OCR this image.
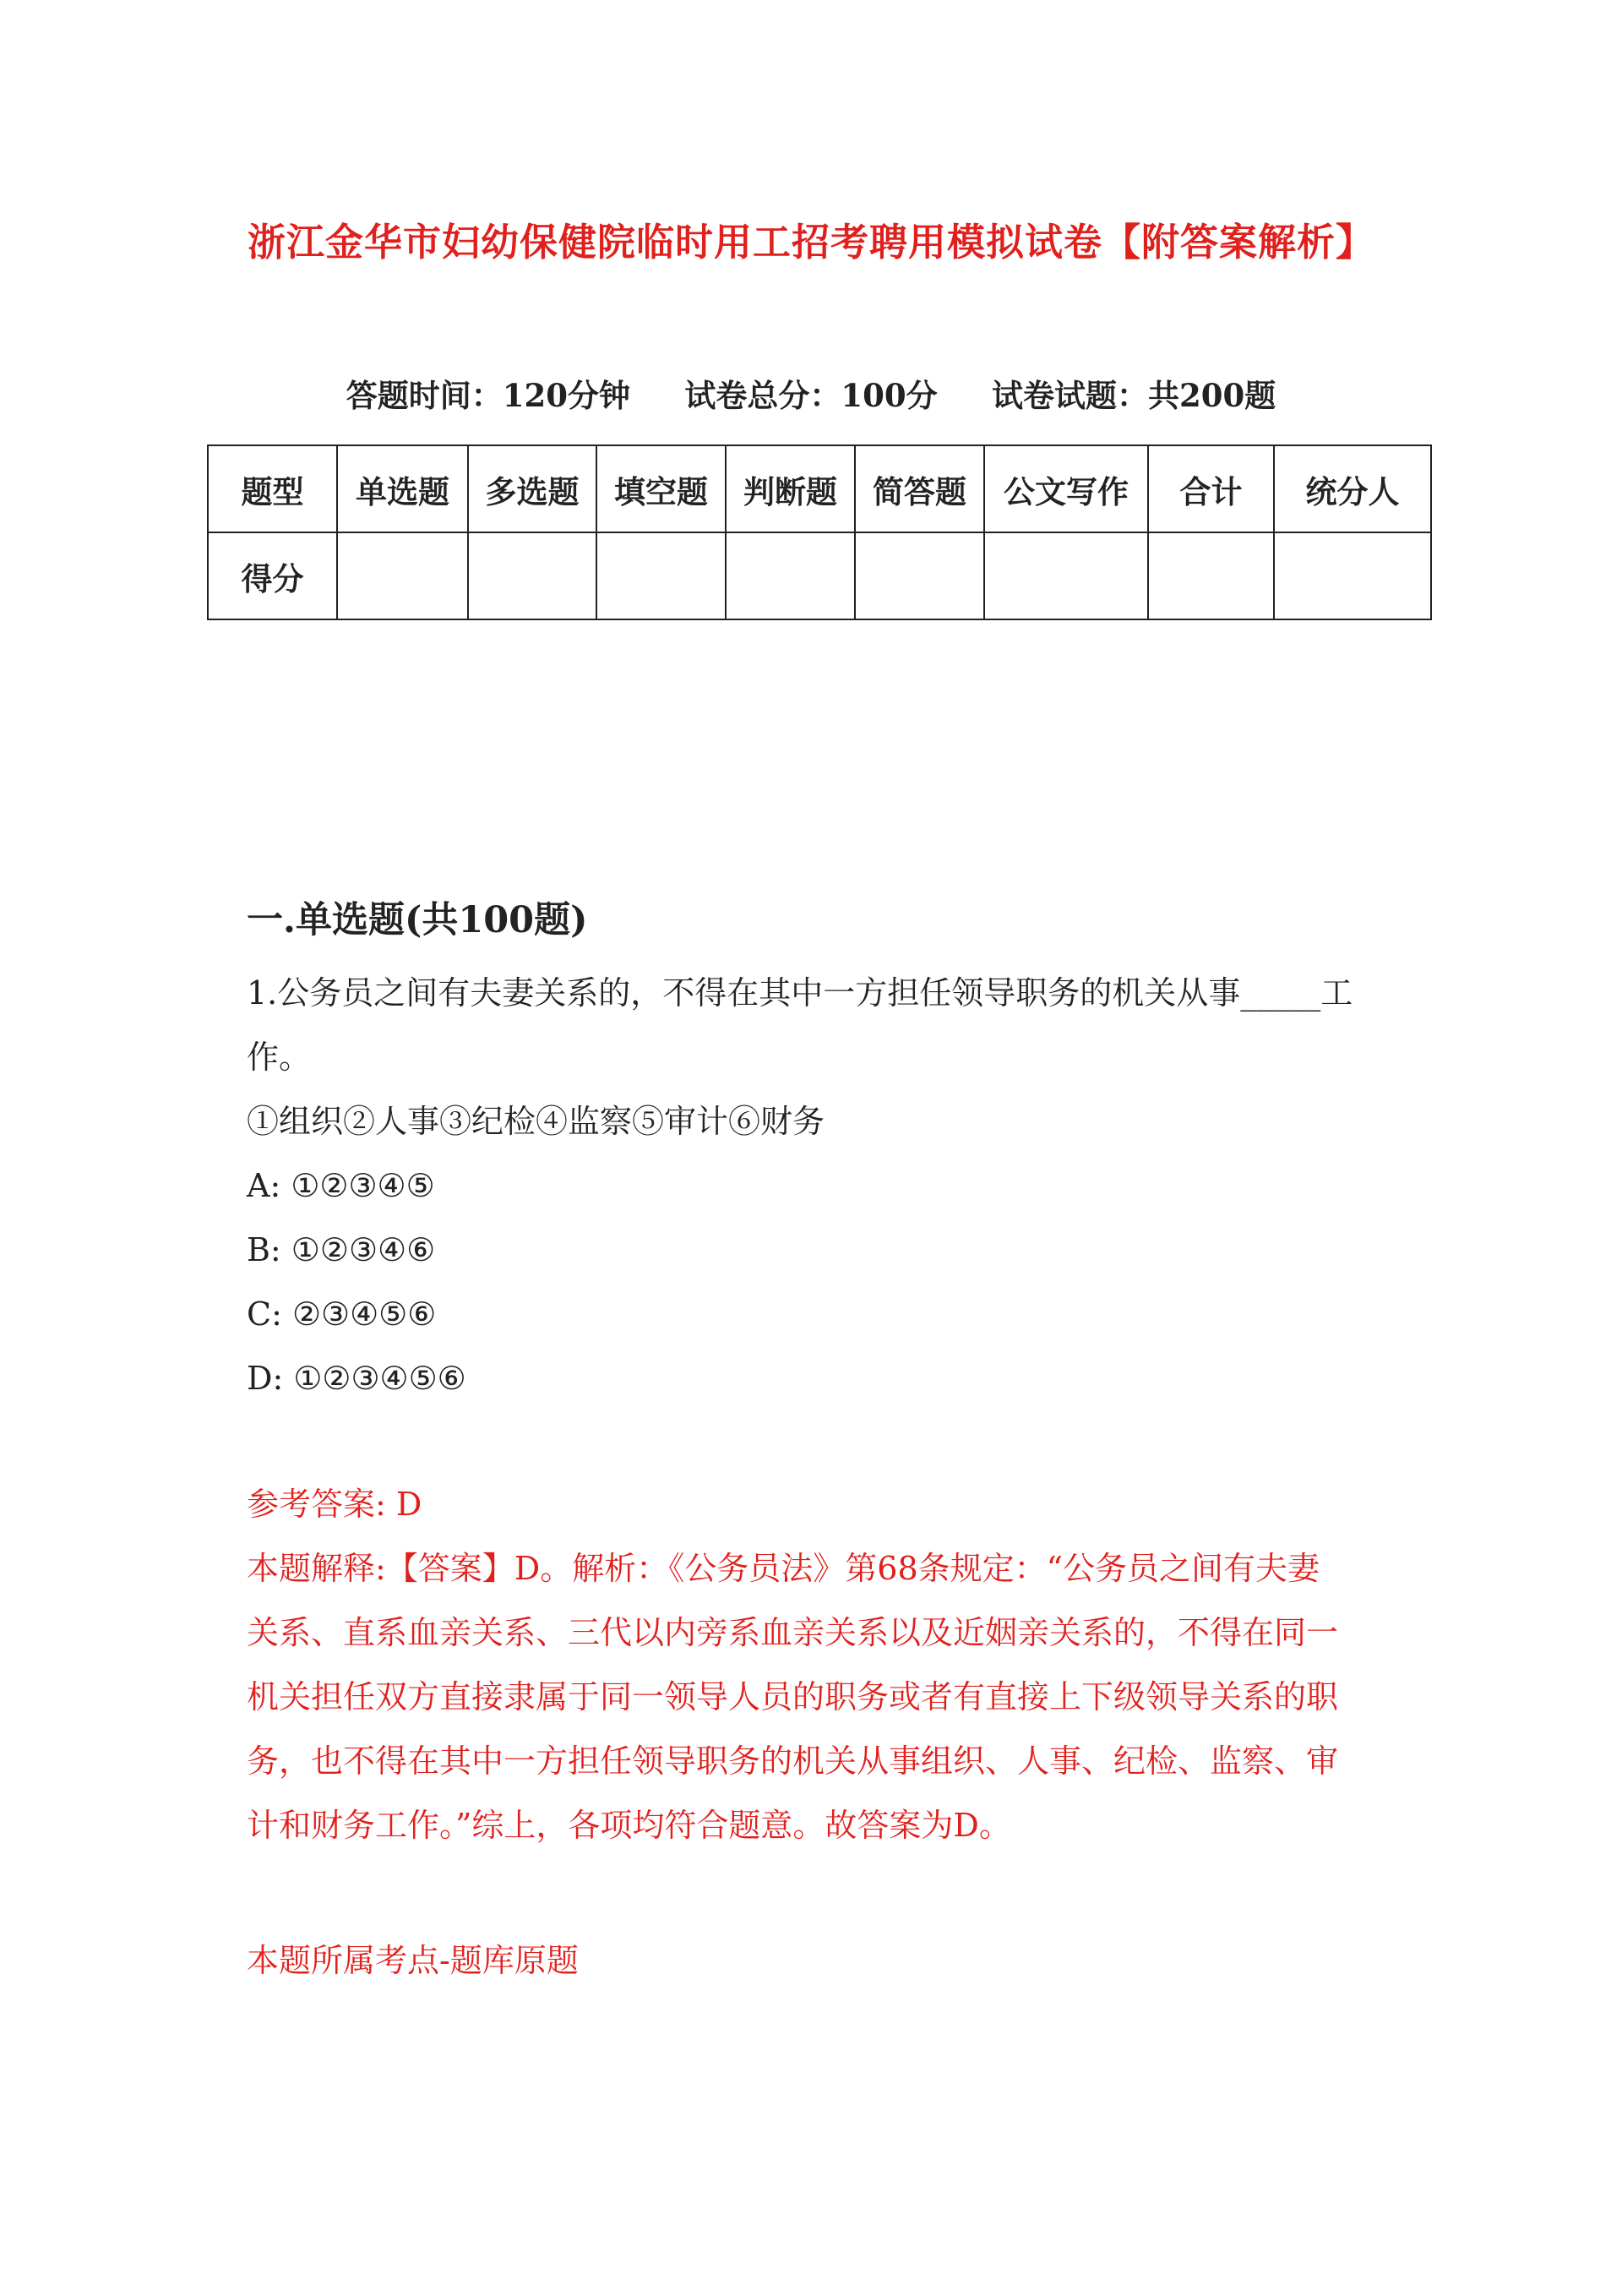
浙江金华市妇幼保健院临时用工招考聘用模拟试卷【附答案解析】
答题时间：120分钟     试卷总分：100分     试卷试题：共200题
题型	单选题	多选题	填空题	判断题	简答题	公文写作	合计	统分人
得分								
一.单选题(共100题)
1.公务员之间有夫妻关系的，不得在其中一方担任领导职务的机关从事_____工
作。
①组织②人事③纪检④监察⑤审计⑥财务
A: ①②③④⑤
B: ①②③④⑥
C: ②③④⑤⑥
D: ①②③④⑤⑥
参考答案: D
本题解释:【答案】D。解析：《公务员法》第68条规定：“公务员之间有夫妻
关系、直系血亲关系、三代以内旁系血亲关系以及近姻亲关系的，不得在同一
机关担任双方直接隶属于同一领导人员的职务或者有直接上下级领导关系的职
务，也不得在其中一方担任领导职务的机关从事组织、人事、纪检、监察、审
计和财务工作。”综上，各项均符合题意。故答案为D。
本题所属考点-题库原题
